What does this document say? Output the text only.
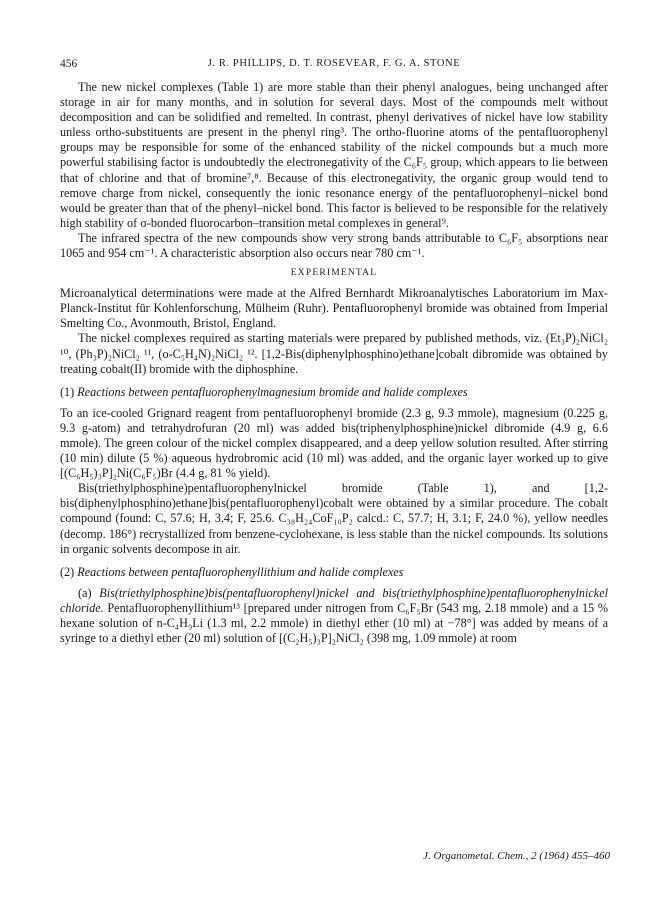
456	J. R. PHILLIPS, D. T. ROSEVEAR, F. G. A. STONE

The new nickel complexes (Table 1) are more stable than their phenyl analogues, being unchanged after storage in air for many months, and in solution for several days. Most of the compounds melt without decomposition and can be solidified and remelted. In contrast, phenyl derivatives of nickel have low stability unless ortho-substituents are present in the phenyl ring³. The ortho-fluorine atoms of the pentafluorophenyl groups may be responsible for some of the enhanced stability of the nickel compounds but a much more powerful stabilising factor is undoubtedly the electronegativity of the C₆F₅ group, which appears to lie between that of chlorine and that of bromine⁷,⁸. Because of this electronegativity, the organic group would tend to remove charge from nickel, consequently the ionic resonance energy of the pentafluorophenyl–nickel bond would be greater than that of the phenyl–nickel bond. This factor is believed to be responsible for the relatively high stability of σ-bonded fluorocarbon–transition metal complexes in general⁹.

The infrared spectra of the new compounds show very strong bands attributable to C₆F₅ absorptions near 1065 and 954 cm⁻¹. A characteristic absorption also occurs near 780 cm⁻¹.

EXPERIMENTAL

Microanalytical determinations were made at the Alfred Bernhardt Mikroanalytisches Laboratorium im Max-Planck-Institut für Kohlenforschung, Mülheim (Ruhr). Pentafluorophenyl bromide was obtained from Imperial Smelting Co., Avonmouth, Bristol, England.

The nickel complexes required as starting materials were prepared by published methods, viz. (Et₃P)₂NiCl₂ ¹⁰, (Ph₃P)₂NiCl₂ ¹¹, (o-C₅H₄N)₂NiCl₂ ¹². [1,2-Bis(diphenylphosphino)ethane]cobalt dibromide was obtained by treating cobalt(II) bromide with the diphosphine.

(1) Reactions between pentafluorophenylmagnesium bromide and halide complexes

To an ice-cooled Grignard reagent from pentafluorophenyl bromide (2.3 g, 9.3 mmole), magnesium (0.225 g, 9.3 g-atom) and tetrahydrofuran (20 ml) was added bis(triphenylphosphine)nickel dibromide (4.9 g, 6.6 mmole). The green colour of the nickel complex disappeared, and a deep yellow solution resulted. After stirring (10 min) dilute (5 %) aqueous hydrobromic acid (10 ml) was added, and the organic layer worked up to give [(C₆H₅)₃P]₂Ni(C₆F₅)Br (4.4 g, 81 % yield).

Bis(triethylphosphine)pentafluorophenylnickel bromide (Table 1), and [1,2-bis(diphenylphosphino)ethane]bis(pentafluorophenyl)cobalt were obtained by a similar procedure. The cobalt compound (found: C, 57.6; H, 3.4; F, 25.6. C₃₈H₂₄CoF₁₀P₂ calcd.: C, 57.7; H, 3.1; F, 24.0 %), yellow needles (decomp. 186°) recrystallized from benzene-cyclohexane, is less stable than the nickel compounds. Its solutions in organic solvents decompose in air.

(2) Reactions between pentafluorophenyllithium and halide complexes

(a) Bis(triethylphosphine)bis(pentafluorophenyl)nickel and bis(triethylphosphine)pentafluorophenylnickel chloride. Pentafluorophenyllithium¹³ [prepared under nitrogen from C₆F₅Br (543 mg, 2.18 mmole) and a 15 % hexane solution of n-C₄H₉Li (1.3 ml, 2.2 mmole) in diethyl ether (10 ml) at −78°] was added by means of a syringe to a diethyl ether (20 ml) solution of [(C₂H₅)₃P]₂NiCl₂ (398 mg, 1.09 mmole) at room

J. Organometal. Chem., 2 (1964) 455–460
